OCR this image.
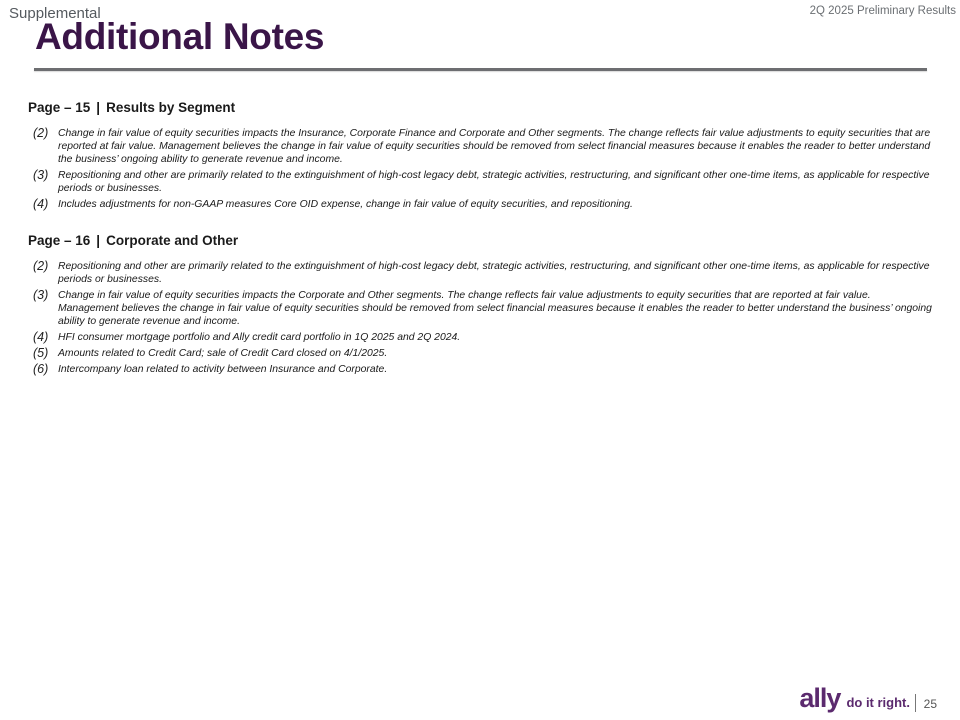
Supplemental	2Q 2025 Preliminary Results
Additional Notes
Page – 15 | Results by Segment
(2) Change in fair value of equity securities impacts the Insurance, Corporate Finance and Corporate and Other segments. The change reflects fair value adjustments to equity securities that are reported at fair value. Management believes the change in fair value of equity securities should be removed from select financial measures because it enables the reader to better understand the business’ ongoing ability to generate revenue and income.
(3) Repositioning and other are primarily related to the extinguishment of high-cost legacy debt, strategic activities, restructuring, and significant other one-time items, as applicable for respective periods or businesses.
(4) Includes adjustments for non-GAAP measures Core OID expense, change in fair value of equity securities, and repositioning.
Page – 16 | Corporate and Other
(2) Repositioning and other are primarily related to the extinguishment of high-cost legacy debt, strategic activities, restructuring, and significant other one-time items, as applicable for respective periods or businesses.
(3) Change in fair value of equity securities impacts the Corporate and Other segments. The change reflects fair value adjustments to equity securities that are reported at fair value. Management believes the change in fair value of equity securities should be removed from select financial measures because it enables the reader to better understand the business’ ongoing ability to generate revenue and income.
(4) HFI consumer mortgage portfolio and Ally credit card portfolio in 1Q 2025 and 2Q 2024.
(5) Amounts related to Credit Card; sale of Credit Card closed on 4/1/2025.
(6) Intercompany loan related to activity between Insurance and Corporate.
ally do it right. 25
